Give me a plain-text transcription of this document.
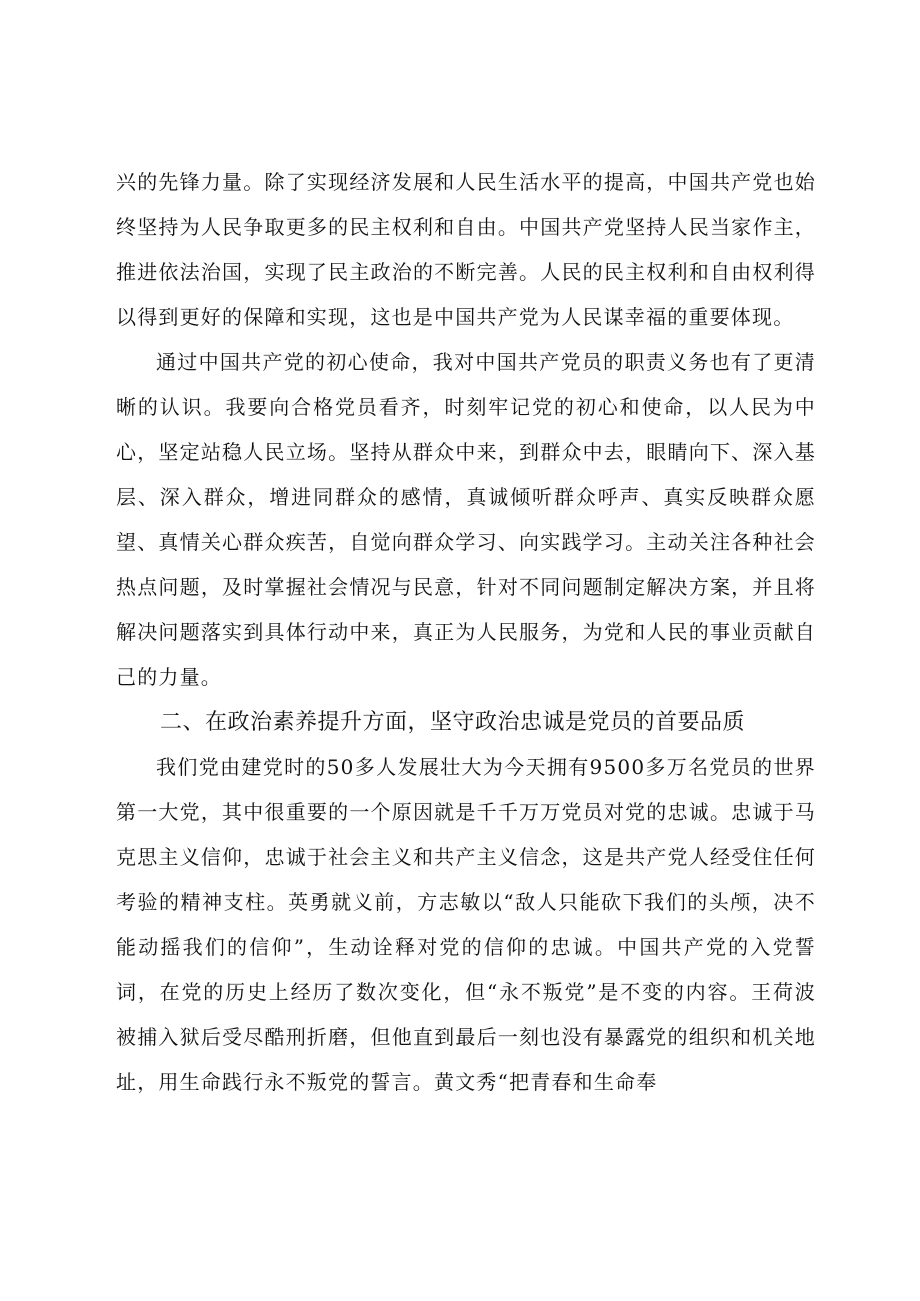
兴的先锋力量。除了实现经济发展和人民生活水平的提高，中国共产党也始终坚持为人民争取更多的民主权利和自由。中国共产党坚持人民当家作主，推进依法治国，实现了民主政治的不断完善。人民的民主权利和自由权利得以得到更好的保障和实现，这也是中国共产党为人民谋幸福的重要体现。

通过中国共产党的初心使命，我对中国共产党员的职责义务也有了更清晰的认识。我要向合格党员看齐，时刻牢记党的初心和使命，以人民为中心，坚定站稳人民立场。坚持从群众中来，到群众中去，眼睛向下、深入基层、深入群众，增进同群众的感情，真诚倾听群众呼声、真实反映群众愿望、真情关心群众疾苦，自觉向群众学习、向实践学习。主动关注各种社会热点问题，及时掌握社会情况与民意，针对不同问题制定解决方案，并且将解决问题落实到具体行动中来，真正为人民服务，为党和人民的事业贡献自己的力量。

二、在政治素养提升方面，坚守政治忠诚是党员的首要品质

我们党由建党时的50多人发展壮大为今天拥有9500多万名党员的世界第一大党，其中很重要的一个原因就是千千万万党员对党的忠诚。忠诚于马克思主义信仰，忠诚于社会主义和共产主义信念，这是共产党人经受住任何考验的精神支柱。英勇就义前，方志敏以“敌人只能砍下我们的头颅，决不能动摇我们的信仰”，生动诠释对党的信仰的忠诚。中国共产党的入党誓词，在党的历史上经历了数次变化，但“永不叛党”是不变的内容。王荷波被捕入狱后受尽酷刑折磨，但他直到最后一刻也没有暴露党的组织和机关地址，用生命践行永不叛党的誓言。黄文秀“把青春和生命奉
